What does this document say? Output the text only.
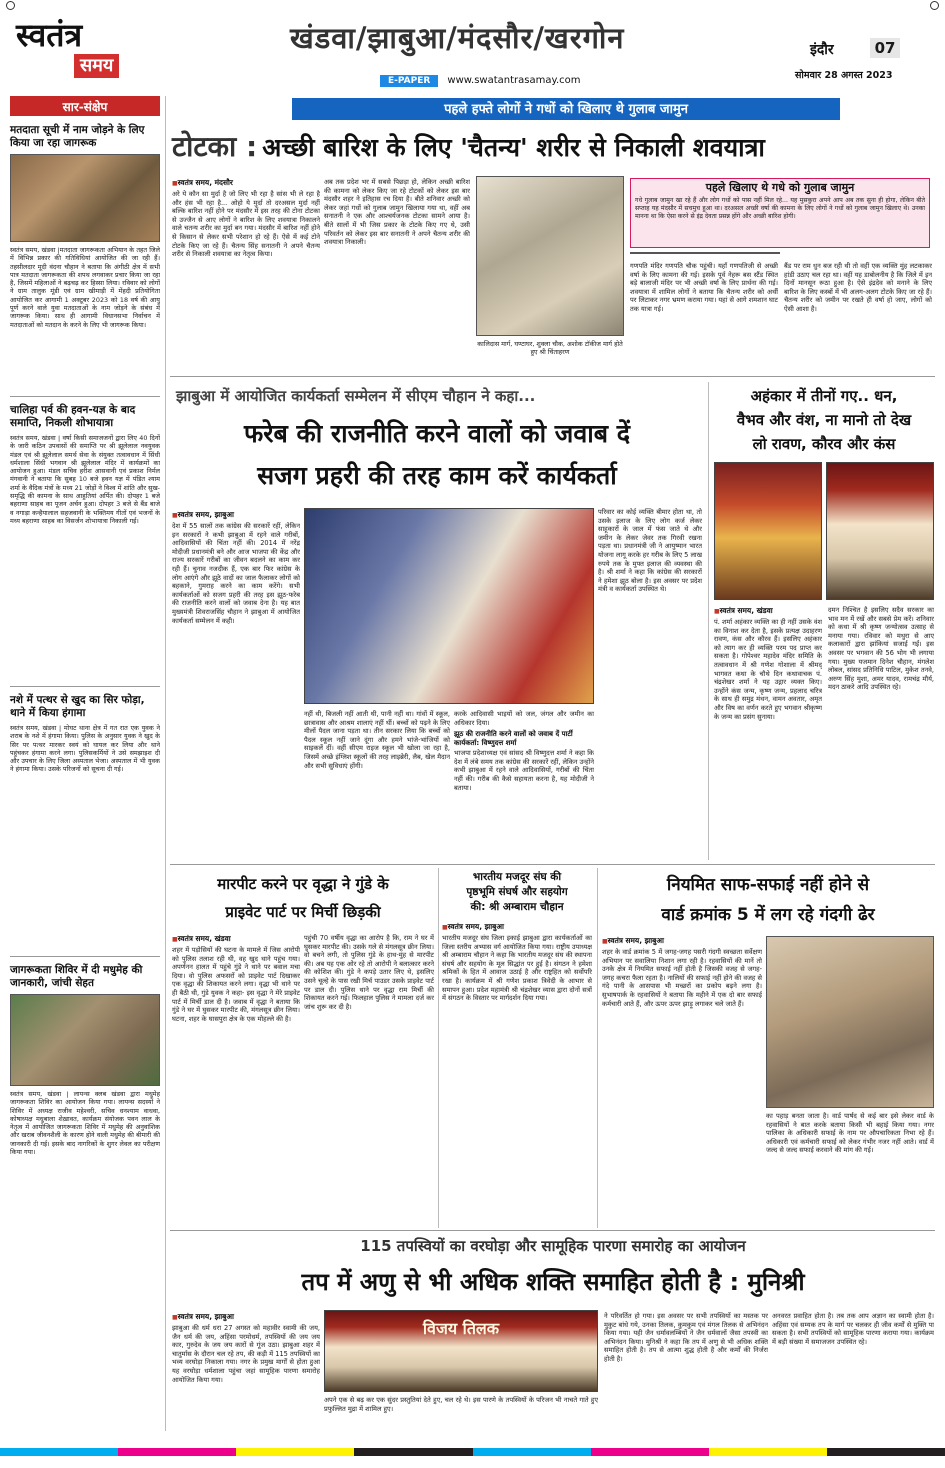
स्वतंत्र
समय
खंडवा/झाबुआ/मंदसौर/खरगोन
E-PAPER www.swatantrasamay.com
इंदौर	07
सोमवार 28 अगस्त 2023
सार-संक्षेप
मतदाता सूची में नाम जोड़ने के लिए किया जा रहा जागरूक
स्वतंत्र समय, खंडवा |मतदाता जागरूकता अभियान के तहत जिले में विभिन्न प्रकार की गतिविधियां आयोजित की जा रही हैं। तहसीलदार मूदी वंदना चौहान ने बताया कि अंगीठी क्षेत्र में सभी पात्र मतदाता जागरूकता की शपथ लगवाकर प्रचार किया जा रहा है, जिसमें महिलाओं ने बढ़चढ़ कर हिस्सा लिया। रविवार को लोगों ने ग्राम तालुक मूंडी एवं ग्राम खीमाड़ी में मेंहदी प्रतियोगिता आयोजित कर आगामी 1 अक्टूबर 2023 को 18 वर्ष की आयु पूर्ण करने वाले युवा मतदाताओं के नाम जोड़ने के संबंध में जागरूक किया। साथ ही आगामी विधानसभा निर्वाचन में मतदाताओं को मतदान के करने के लिए भी जागरूक किया।
चालिहा पर्व की हवन-यज्ञ के बाद समाप्ति, निकली शोभायात्रा
स्वतंत्र समय, खंडवा | वर्षा किसी समाजजनों द्वारा लिए 40 दिनों के जारी कठिन उपवासों की समाप्ति पर श्री झूलेलाल नवयुवक मंडल एवं श्री झूलेलाल समर्थ सेवा के संयुक्त तत्वावधान में सिंधी धर्मशाला सिंधी भगवान श्री झूलेलाल मंदिर में कार्यक्रमों का आयोजन हुआ। मंडल सचिव हरीश आसवानी एवं प्रकाश निर्मल मंगवानी ने बताया कि सुबह 10 बजे हवन यज्ञ में पंडित श्याम शर्मा के वैदिक मंत्रों के मध्य 21 जोड़ों ने विश्व में शांति और सुख-समृद्धि की कामना के साथ आहुतियां अर्पित की। दोपहर 1 बजे बहराणा साहब का पूजन अर्चन हुआ। दोपहर 3 बजे से बैंड बाजे व नगाड़ा कन्हैयालाल सहजवानी के भक्तिमय गीतों एवं भजनों के मध्य बहराणा साहब का विसर्जन शोभायात्रा निकाली गई।
नशे में पत्थर से खुद का सिर फोड़ा, थाने में किया हंगामा
स्वतंत्र समय, खंडवा | मोघट थाना क्षेत्र में गत रात एक युवक ने शराब के नशे में हंगामा किया। पुलिस के अनुसार युवक ने खुद के सिर पर पत्थर मारकर स्वयं को घायल कर लिया और थाने पहुंचकर हंगामा करने लगा। पुलिसकर्मियों ने उसे समझाइश दी और उपचार के लिए जिला अस्पताल भेजा। अस्पताल में भी युवक ने हंगामा किया। उसके परिजनों को सूचना दी गई।
जागरूकता शिविर में दी मधुमेह की जानकारी, जांची सेहत
स्वतंत्र समय, खंडवा | लायन्स क्लब खंडवा द्वारा मधुमेह जागरूकता शिविर का आयोजन किया गया। लायन्स सदस्यों ने शिविर में अध्यक्ष राजीव महेश्वरी, सचिव धनश्याम वाधवा, कोषाध्यक्ष मधुबाला शेख़ावत, कार्यक्रम संयोजक पवन लाल के नेतृत्व में आयोजित जागरूकता शिविर में मधुमेह की अनुवांशिक और खराब जीवनशैली के कारण होने वाली मधुमेह की बीमारी की जानकारी दी गई। इसके बाद नागरिकों के शुगर लेवल का परीक्षण किया गया।
पहले हफ्ते लोगों ने गधों को खिलाए थे गुलाब जामुन
टोटका : अच्छी बारिश के लिए 'चैतन्य' शरीर से निकाली शवयात्रा
■ स्वतंत्र समय, मंदसौर
अरे ये कौन सा मुर्दा है जो लिए भी रहा है सांस भी ले रहा है और हंस भी रहा है... ओहो ये मुर्दा तो दरअसल मुर्दा नहीं बल्कि बारिश नहीं होने पर मंदसौर में इस तरह की टोना टोटका से उज्जैन से आए लोगों ने बारिश के लिए शवयात्रा निकालने वाले चतन्य शरीर का मुर्दा बन गया। मंदसौर में बारिश नहीं होने से किसान से लेकर सभी परेशान हो रहे हैं। ऐसे में कई टोने टोटके किए जा रहे हैं। चैतन्य सिंह सनातनी ने अपने चैतन्य शरीर से निकाली शवयात्रा का नेतृत्व किया।
अब तक प्रदेश भर में सबसे पिछड़ा हो, लेकिन अच्छी बारिश की कामना को लेकर किए जा रहे टोटकों को लेकर इस बार मंदसौर शहर ने इतिहास रच दिया है। बीते शनिवार अच्छी को लेकर जहां गधों को गुलाब जामुन खिलाया गया था, वहीं अब सनातनी ने एक और आश्चर्यजनक टोटका सामने आया है। बीते सालों में भी जिस प्रकार के टोटके किए गए थे, उसी परिवर्तन को लेकर इस बार सनातनी ने अपने चैतन्य शरीर की शवयात्रा निकाली।
कालिदास मार्ग, घण्टाघर, शुक्ला चौक, अशोक टॉकीज मार्ग होते हुए श्री चिंताहरण
पहले खिलाए थे गधे को गुलाब जामुन
गधे गुलाब जामुन खा रहे हैं और लोग गधों को पास नहीं मिल रहे... यह मुसकुरा अपने आप अब तक सुना ही होगा, लेकिन बीते सप्ताह यह मंदसौर में सचमुच हुआ था। दरअसल अच्छी वर्षा की कामना के लिए लोगों ने गधों को गुलाब जामुन खिलाए थे। उनका मानना था कि ऐसा करने से इंद्र देवता प्रसन्न होंगे और अच्छी बारिश होगी।
गणपति मंदिर गणपति चौक पहुंची। यहाँ गणपतिजी से अच्छी वर्षा के लिए कामना की गई। इसके पूर्व नेहरू बस स्टैंड स्थित बड़े बालाजी मंदिर पर भी अच्छी वर्षा के लिए प्रार्थना की गई। शवयात्रा में शामिल लोगों ने बताया कि चैतन्य शरीर को अर्थी पर लिटाकर नगर भ्रमण कराया गया। यहां से आगे शमशान घाट तक यात्रा गई।
बैंड पर राम धुन बज रही थी तो वहीं एक व्यक्ति मुंह लटकाकर हांडी उठाए चल रहा था। वहीं यह डाबोलनीय है कि जिले में इन दिनों मानसून रूठा हुआ है। ऐसे इंद्रदेव को मनाने के लिए बारिश के लिए कस्बों में भी अलग-अलग टोटके किए जा रहे हैं। चैतन्य शरीर को जमीन पर रखते ही वर्षा हो जाए, लोगों को ऐसी आशा है।
झाबुआ में आयोजित कार्यकर्ता सम्मेलन में सीएम चौहान ने कहा...
फरेब की राजनीति करने वालों को जवाब दें
सजग प्रहरी की तरह काम करें कार्यकर्ता
■ स्वतंत्र समय, झाबुआ
देश में 55 सालों तक कांग्रेस की सरकारें रहीं, लेकिन इन सरकारों ने कभी झाबुआ में रहने वाले गरीबों, आदिवासियों की चिंता नहीं की। 2014 में नरेंद्र मोदीजी प्रधानमंत्री बने और आज भाजपा की केंद्र और राज्य सरकारें गरीबों का जीवन बदलने का काम कर रही हैं। चुनाव नजदीक हैं, एक बार फिर कांग्रेस के लोग आएंगे और झूठे वादों का जाल फैलाकर लोगों को बहकाने, गुमराह करने का काम करेंगे। सभी कार्यकर्ताओं को सजग प्रहरी की तरह इस झूठ-फरेब की राजनीति करने वालों को जवाब देना है। यह बात मुख्यमंत्री शिवराजसिंह चौहान ने झाबुआ में आयोजित कार्यकर्ता सम्मेलन में कही।
नहीं थी, बिजली नहीं आती थी, पानी नहीं था। गांवों में स्कूल, छात्रावास और आश्रम शालाएं नहीं थीं। बच्चों को पढ़ने के लिए मीलों पैदल जाना पड़ता था। तीन सरकार लिया कि बच्चों को पैदल स्कूल नहीं जाने दूंगा और हमने भांजे-भांजियों को साइकलें दीं। वहीं सीएम राइज स्कूल भी खोला जा रहा है, जिसमें अच्छे इंग्लिश स्कूलों की तरह लाइब्रेरी, लैब, खेल मैदान और सभी सुविधाएं होंगी।
करके आदिवासी भाइयों को जल, जंगल और जमीन का अधिकार दिया।
झूठ की राजनीति करने वालों को जवाब दें पार्टी कार्यकर्ता: विष्णुदत्त शर्मा
भाजपा प्रदेशाध्यक्ष एवं सांसद श्री विष्णुदत्त शर्मा ने कहा कि देश में लंबे समय तक कांग्रेस की सरकारें रहीं, लेकिन उन्होंने कभी झाबुआ में रहने वाले आदिवासियों, गरीबों की चिंता नहीं की। गरीब की कैसे सहायता करना है, यह मोदीजी ने बताया।
परिवार का कोई व्यक्ति बीमार होता था, तो उसके इलाज के लिए लोग कर्ज लेकर साहूकारों के जाल में फंस जाते थे और जमीन के लेकर जेवर तक गिरवी रखना पड़ता था। प्रधानमंत्री जी ने आयुष्मान भारत योजना लागू करके हर गरीब के लिए 5 लाख रुपये तक के मुफ्त इलाज की व्यवस्था की है। श्री शर्मा ने कहा कि कांग्रेस की सरकारों ने हमेशा झूठ बोला है। इस अवसर पर प्रदेश मंत्री व कार्यकर्ता उपस्थित थे।
अहंकार में तीनों गए.. धन,
वैभव और वंश, ना मानो तो देख
लो रावण, कौरव और कंस
■ स्वतंत्र समय, खंडवा
पं. शर्मा अहंकार व्यक्ति का ही नहीं उसके वंश का विनाश कर देता है, इसके प्रत्यक्ष उदाहरण रावण, कंस और कौरव हैं। इसलिए अहंकार को त्याग कर ही व्यक्ति परम पद प्राप्त कर सकता है। गोपेश्वर महादेव मंदिर समिति के तत्वावधान में श्री गणेश गोशाला में श्रीमद् भागवत कथा के चौथे दिन कथावाचक पं. चंद्रशेखर शर्मा ने यह उद्गार व्यक्त किए। उन्होंने कंस जन्म, कृष्ण जन्म, प्रहलाद चरित्र के साथ ही समुद्र मंथन, वामन अवतार, अमृत और विष का वर्णन करते हुए भगवान श्रीकृष्ण के जन्म का प्रसंग सुनाया।
दमन निश्चित है इसलिए सदैव सरकार का भाव मन में रखें और सबसे प्रेम करें। शनिवार को कथा में श्री कृष्ण जन्मोत्सव उत्साह से मनाया गया। रविवार को मथुरा से आए कलाकारों द्वारा झांकियां सजाई गईं। इस अवसर पर भगवान की 56 भोग भी लगाया गया। मुख्य यजमान दिनेश चौहान, मंगलेश लोबल, सांसद प्रतिनिधि पाटिल, मुकेश तनवे, अरुण सिंह मुशा, अमर यादव, रामचंद्र मौर्य, मदन ठाकरे आदि उपस्थित रहे।
मारपीट करने पर वृद्धा ने गुंडे के
प्राइवेट पार्ट पर मिर्ची छिड़की
■ स्वतंत्र समय, खंडवा
शहर में पड़ोसियों की घटना के मामले में जिस आरोपी को पुलिस तलाश रही थी, वह खुद थाने पहुंच गया। अपर्णनन हालत में पहुंचे गुंडे ने थाने पर बवाल मचा दिया। वो पुलिस अफसरों को प्राइवेट पार्ट दिखाकर एक वृद्धा की शिकायत करने लगा। वृद्धा भी थाने पर ही बैठी थी, गुंडे युवक ने कहा- इस वृद्धा ने मेरे प्राइवेट पार्ट में मिर्ची डाल दी है। जवाब में वृद्धा ने बताया कि गुंडे ने घर में घुसकर मारपीट की, मंगलसूत्र छीन लिया। घटना, शहर के घासपुरा क्षेत्र के एक मोहल्ले की है।
पहुंची 70 वर्षीय वृद्धा का आरोप है कि, राम ने घर में घुसकर मारपीट की। उसके गले से मंगलसूत्र छीन लिया। वो बचने लगी, तो पुलिस गुंडे के हाथ-मुंह से मारपीट की। अब यह एक ओर रहे तो आरोपी ने बलात्कार करने की कोशिश की। गुंडे ने कपड़े उतार लिए थे, इसलिए उसने चूल्हे के पास रखी मिर्च पाउडर उसके प्राइवेट पार्ट पर डाल दी। पुलिस थाने पर वृद्धा राम मिर्ची की शिकायत करने गई। फिलहाल पुलिस ने मामला दर्ज कर जांच शुरू कर दी है।
भारतीय मजदूर संघ की
पृष्ठभूमि संघर्ष और सहयोग
की: श्री अम्बाराम चौहान
■ स्वतंत्र समय, झाबुआ
भारतीय मजदूर संघ जिला इकाई झाबुआ द्वारा कार्यकर्ताओं का जिला स्तरीय अभ्यास वर्ग आयोजित किया गया। राष्ट्रीय उपाध्यक्ष श्री अम्बाराम चौहान ने कहा कि भारतीय मजदूर संघ की स्थापना संघर्ष और सहयोग के मूल सिद्धांत पर हुई है। संगठन ने हमेशा श्रमिकों के हित में आवाज उठाई है और राष्ट्रहित को सर्वोपरि रखा है। कार्यक्रम में श्री गणेश प्रकाश त्रिवेदी के आभार से समापन हुआ। प्रदेश महामंत्री श्री चंद्रशेखर व्यास द्वारा दोनों सत्रों में संगठन के विस्तार पर मार्गदर्शन दिया गया।
नियमित साफ-सफाई नहीं होने से
वार्ड क्रमांक 5 में लग रहे गंदगी ढेर
■ स्वतंत्र समय, झाबुआ
शहर के वार्ड क्रमांक 5 में जगह-जगह पसरी गंदगी स्वच्छता सर्वेक्षण अभियान पर सवालिया निशान लगा रही है। रहवासियों की मानें तो उनके क्षेत्र में नियमित सफाई नहीं होती है जिसकी वजह से जगह-जगह कचरा फैला रहता है। नालियों की सफाई नहीं होने की वजह से गंदे पानी के आसपास भी मच्छरों का प्रकोप बढ़ने लगा है। सुभाषपार्क के रहवासियों ने बताया कि महीने में एक दो बार सफाई कर्मचारी आते हैं, और ऊपर ऊपर झाड़ू लगाकर चले जाते हैं।
का पहाड़ बनता जाता है। वार्ड पार्षद से कई बार इसे लेकर वार्ड के रहवासियों ने बात करके बताया किसी भी बहाई किया गया। नगर पालिका के अधिकारी सफाई के नाम पर औपचारिकता निभा रहे हैं। अधिकारी एवं कर्मचारी सफाई को लेकर गंभीर नजर नहीं आते। वार्ड में जल्द से जल्द सफाई करवाने की मांग की गई।
115 तपस्वियों का वरघोड़ा और सामूहिक पारणा समारोह का आयोजन
तप में अणु से भी अधिक शक्ति समाहित होती है : मुनिश्री
■ स्वतंत्र समय, झाबुआ
झाबुआ की धर्म धरा 27 अगस्त को महावीर स्वामी की जय, जैन धर्म की जय, अहिंसा परमोधर्म, तपस्वियों की जय जय कार, गुरुदेव के जय जय कारों से गूंज उठा। झाबुआ शहर में चातुर्मास के दौरान चल रहे तप, की कड़ी में 115 तपस्वियों का भव्य वरघोड़ा निकाला गया। नगर के प्रमुख मार्गों से होता हुआ यह वरघोड़ा धर्मशाला पहुंचा जहां सामूहिक पारणा समारोह आयोजित किया गया।
विजय तिलक
अपने एक से बढ़ कर एक सुंदर प्रस्तुतियां देते हुए, चल रहे थे। इस पारणे के तपस्वियों के परिजन भी नाचते गाते हुए प्रफुल्लित मुद्रा में शामिल हुए।
ने परिवर्तित हो गया। इस अवसर पर सभी तपस्वियों का मस्तक पर मुकुट बांधे गये, उनका तिलक, कुमकुम एवं मंगल तिलक से अभिनंदन किया गया। यही जैन धर्मावलम्बियों ने जैन धर्मवालों जैसा तपस्वी का अभिनंदन किया। मुनिश्री ने कहा कि तप में अणु से भी अधिक शक्ति समाहित होती है। तप से आत्मा शुद्ध होती है और कर्मों की निर्जरा होती है।
अनवरत प्रवाहित होता है। तब तक आप अज्ञान का स्वामी होता है। अहिंसा एवं सम्यक तप के मार्ग पर चलकर ही जीव कर्मों से मुक्ति पा सकता है। सभी तपस्वियों को सामूहिक पारणा कराया गया। कार्यक्रम में बड़ी संख्या में समाजजन उपस्थित रहे।
